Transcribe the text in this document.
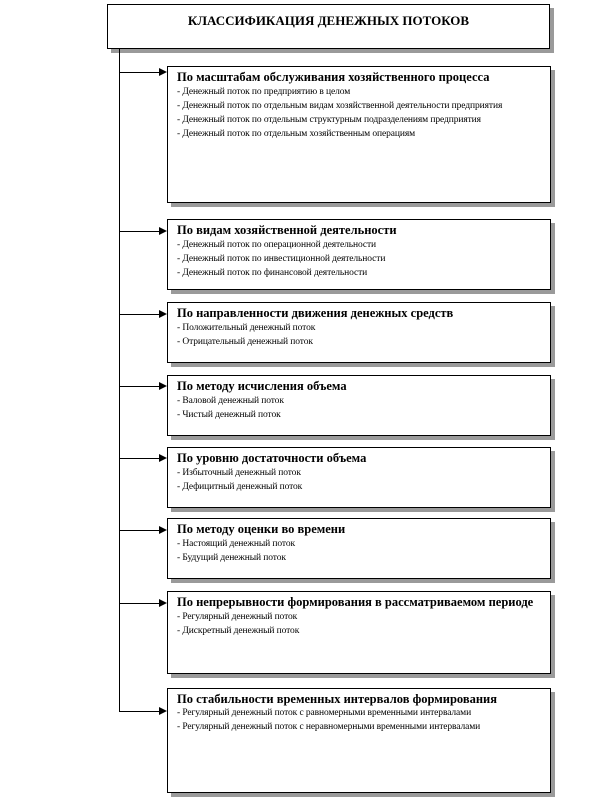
КЛАССИФИКАЦИЯ ДЕНЕЖНЫХ ПОТОКОВ
По масштабам обслуживания хозяйственного процесса
- Денежный поток по предприятию в целом
- Денежный поток по отдельным видам хозяйственной деятельности предприятия
- Денежный поток по отдельным структурным подразделениям предприятия
- Денежный поток по отдельным хозяйственным операциям
По видам хозяйственной деятельности
- Денежный поток по операционной деятельности
- Денежный поток по инвестиционной деятельности
- Денежный поток по финансовой деятельности
По направленности движения денежных средств
- Положительный денежный поток
- Отрицательный денежный поток
По методу исчисления объема
- Валовой денежный поток
- Чистый денежный поток
По уровню достаточности объема
- Избыточный денежный поток
- Дефицитный денежный поток
По методу оценки во времени
- Настоящий денежный поток
- Будущий денежный поток
По непрерывности формирования в рассматриваемом периоде
- Регулярный денежный поток
- Дискретный денежный поток
По стабильности временных интервалов формирования
- Регулярный денежный поток с равномерными временными интервалами
- Регулярный денежный поток с неравномерными временными интервалами
